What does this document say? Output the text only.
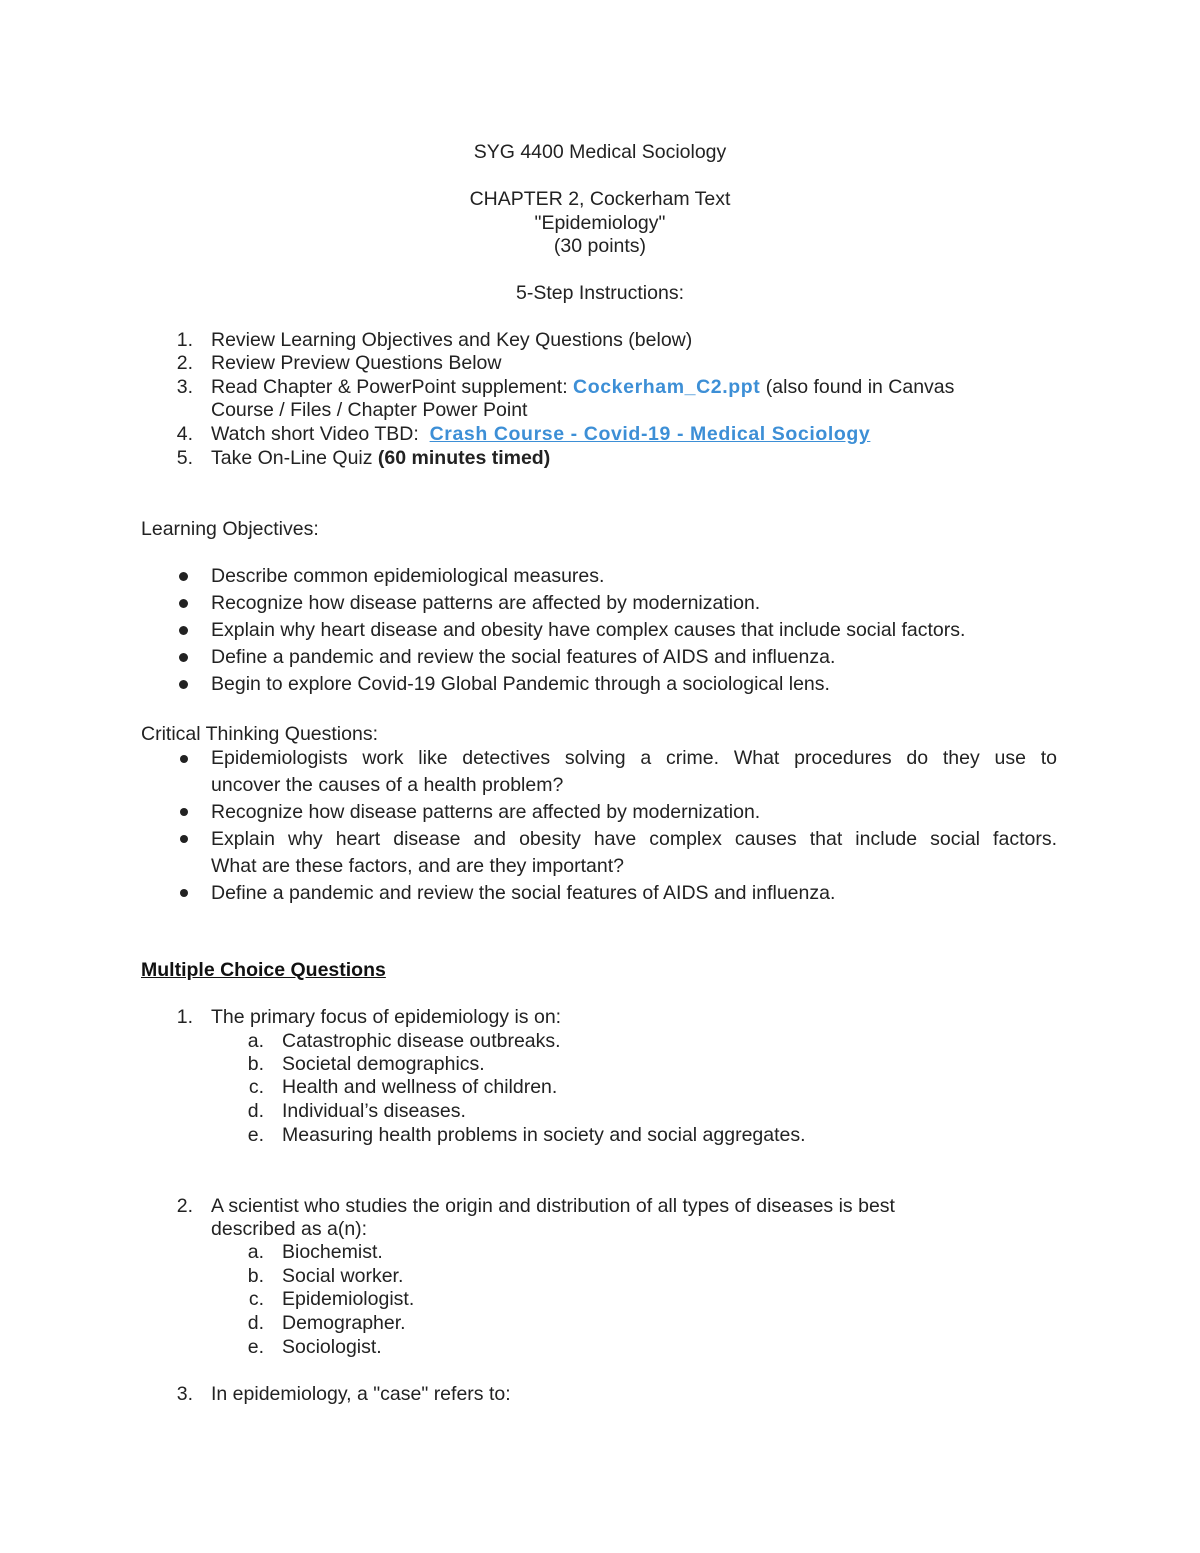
SYG 4400 Medical Sociology
CHAPTER 2, Cockerham Text
"Epidemiology"
(30 points)
5-Step Instructions:
1. Review Learning Objectives and Key Questions (below)
2. Review Preview Questions Below
3. Read Chapter & PowerPoint supplement: Cockerham_C2.ppt (also found in Canvas
Course / Files / Chapter Power Point
4. Watch short Video TBD:  Crash Course - Covid-19 - Medical Sociology
5. Take On-Line Quiz (60 minutes timed)
Learning Objectives:
Describe common epidemiological measures.
Recognize how disease patterns are affected by modernization.
Explain why heart disease and obesity have complex causes that include social factors.
Define a pandemic and review the social features of AIDS and influenza.
Begin to explore Covid-19 Global Pandemic through a sociological lens.
Critical Thinking Questions:
Epidemiologists work like detectives solving a crime. What procedures do they use to
uncover the causes of a health problem?
Recognize how disease patterns are affected by modernization.
Explain why heart disease and obesity have complex causes that include social factors.
What are these factors, and are they important?
Define a pandemic and review the social features of AIDS and influenza.
Multiple Choice Questions
1. The primary focus of epidemiology is on:
a. Catastrophic disease outbreaks.
b. Societal demographics.
c. Health and wellness of children.
d. Individual’s diseases.
e. Measuring health problems in society and social aggregates.
2. A scientist who studies the origin and distribution of all types of diseases is best
described as a(n):
a. Biochemist.
b. Social worker.
c. Epidemiologist.
d. Demographer.
e. Sociologist.
3. In epidemiology, a "case" refers to:
